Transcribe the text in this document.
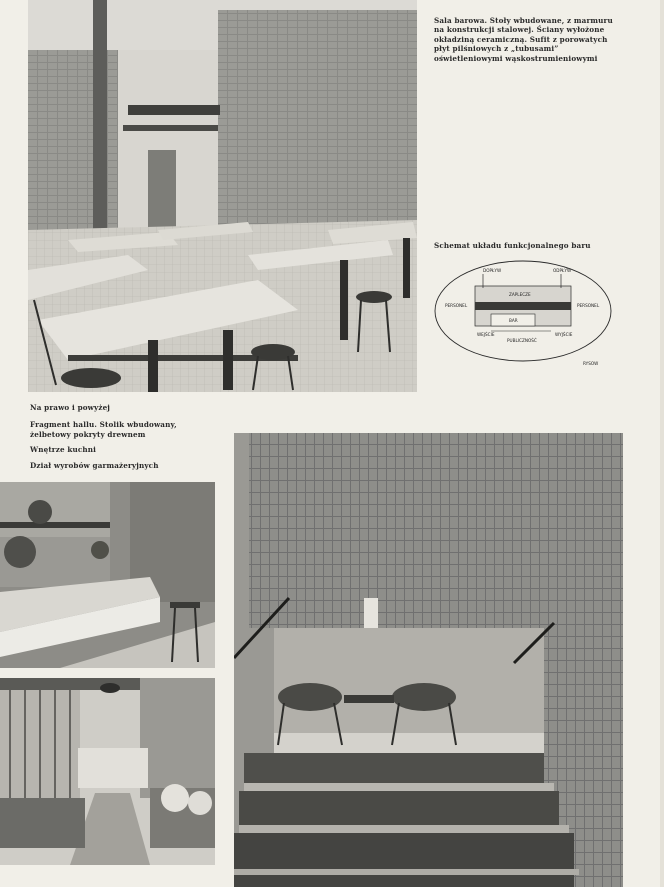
Sala barowa. Stoły wbudowane, z marmuru na konstrukcji stalowej. Ściany wyłożone okładziną ceramiczną. Sufit z porowatych płyt pilśniowych z „tubusami” oświetleniowymi wąskostrumieniowymi

Schemat układu funkcjonalnego baru

DOPŁYW	ODPŁYW
PERSONEL	PERSONEL
ZAPLECZE
BAR
PUBLICZNOŚĆ
WEJŚCIE	WYJŚCIE
RYSOW

Na prawo i powyżej

Fragment hallu. Stolik wbudowany, żelbetowy pokryty drewnem

Wnętrze kuchni

Dział wyrobów garmażeryjnych
